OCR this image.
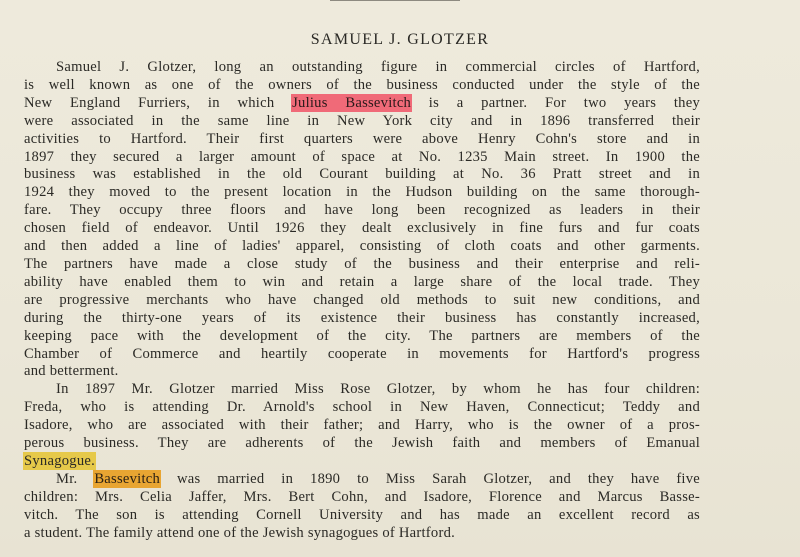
SAMUEL J. GLOTZER
Samuel J. Glotzer, long an outstanding figure in commercial circles of Hartford,
is well known as one of the owners of the business conducted under the style of the
New England Furriers, in which Julius Bassevitch is a partner. For two years they
were associated in the same line in New York city and in 1896 transferred their
activities to Hartford. Their first quarters were above Henry Cohn's store and in
1897 they secured a larger amount of space at No. 1235 Main street. In 1900 the
business was established in the old Courant building at No. 36 Pratt street and in
1924 they moved to the present location in the Hudson building on the same thorough-
fare. They occupy three floors and have long been recognized as leaders in their
chosen field of endeavor. Until 1926 they dealt exclusively in fine furs and fur coats
and then added a line of ladies' apparel, consisting of cloth coats and other garments.
The partners have made a close study of the business and their enterprise and reli-
ability have enabled them to win and retain a large share of the local trade. They
are progressive merchants who have changed old methods to suit new conditions, and
during the thirty-one years of its existence their business has constantly increased,
keeping pace with the development of the city. The partners are members of the
Chamber of Commerce and heartily cooperate in movements for Hartford's progress
and betterment.
In 1897 Mr. Glotzer married Miss Rose Glotzer, by whom he has four children:
Freda, who is attending Dr. Arnold's school in New Haven, Connecticut; Teddy and
Isadore, who are associated with their father; and Harry, who is the owner of a pros-
perous business. They are adherents of the Jewish faith and members of Emanual
Synagogue.
Mr. Bassevitch was married in 1890 to Miss Sarah Glotzer, and they have five
children: Mrs. Celia Jaffer, Mrs. Bert Cohn, and Isadore, Florence and Marcus Basse-
vitch. The son is attending Cornell University and has made an excellent record as
a student. The family attend one of the Jewish synagogues of Hartford.
